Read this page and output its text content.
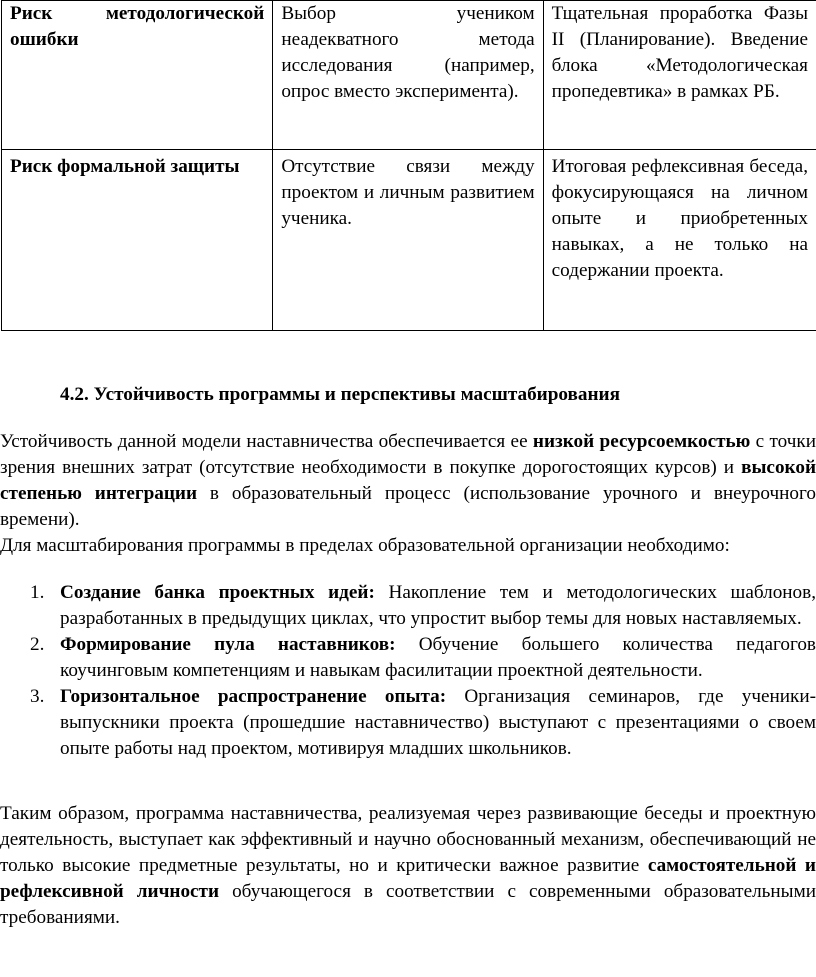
Риск методологической ошибки	Выбор учеником неадекватного метода исследования (например, опрос вместо эксперимента).	Тщательная проработка Фазы II (Планирование). Введение блока «Методологическая пропедевтика» в рамках РБ.
Риск формальной защиты	Отсутствие связи между проектом и личным развитием ученика.	Итоговая рефлексивная беседа, фокусирующаяся на личном опыте и приобретенных навыках, а не только на содержании проекта.
4.2. Устойчивость программы и перспективы масштабирования

Устойчивость данной модели наставничества обеспечивается ее низкой ресурсоемкостью с точки зрения внешних затрат (отсутствие необходимости в покупке дорогостоящих курсов) и высокой степенью интеграции в образовательный процесс (использование урочного и внеурочного времени).

Для масштабирования программы в пределах образовательной организации необходимо:

1. Создание банка проектных идей: Накопление тем и методологических шаблонов, разработанных в предыдущих циклах, что упростит выбор темы для новых наставляемых.
2. Формирование пула наставников: Обучение большего количества педагогов коучинговым компетенциям и навыкам фасилитации проектной деятельности.
3. Горизонтальное распространение опыта: Организация семинаров, где ученики-выпускники проекта (прошедшие наставничество) выступают с презентациями о своем опыте работы над проектом, мотивируя младших школьников.

Таким образом, программа наставничества, реализуемая через развивающие беседы и проектную деятельность, выступает как эффективный и научно обоснованный механизм, обеспечивающий не только высокие предметные результаты, но и критически важное развитие самостоятельной и рефлексивной личности обучающегося в соответствии с современными образовательными требованиями.
